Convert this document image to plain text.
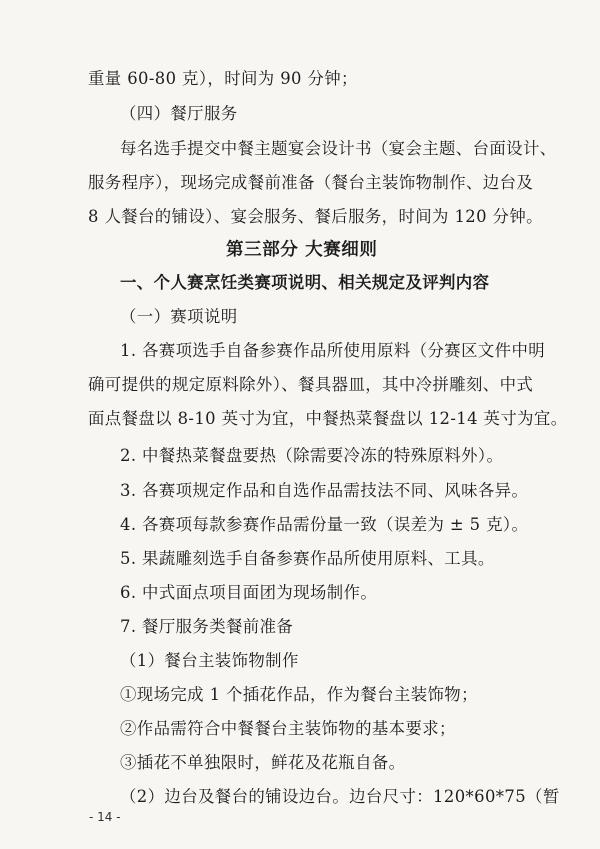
重量 60-80 克），时间为 90 分钟；
（四）餐厅服务
每名选手提交中餐主题宴会设计书（宴会主题、台面设计、
服务程序），现场完成餐前准备（餐台主装饰物制作、边台及
8 人餐台的铺设）、宴会服务、餐后服务，时间为 120 分钟。
第三部分 大赛细则
一、个人赛烹饪类赛项说明、相关规定及评判内容
（一）赛项说明
1. 各赛项选手自备参赛作品所使用原料（分赛区文件中明
确可提供的规定原料除外）、餐具器皿，其中冷拼雕刻、中式
面点餐盘以 8-10 英寸为宜，中餐热菜餐盘以 12-14 英寸为宜。
2. 中餐热菜餐盘要热（除需要冷冻的特殊原料外）。
3. 各赛项规定作品和自选作品需技法不同、风味各异。
4. 各赛项每款参赛作品需份量一致（误差为 ± 5 克）。
5. 果蔬雕刻选手自备参赛作品所使用原料、工具。
6. 中式面点项目面团为现场制作。
7. 餐厅服务类餐前准备
（1）餐台主装饰物制作
①现场完成 1 个插花作品，作为餐台主装饰物；
②作品需符合中餐餐台主装饰物的基本要求；
③插花不单独限时，鲜花及花瓶自备。
（2）边台及餐台的铺设边台。边台尺寸：120*60*75（暂
- 14 -
